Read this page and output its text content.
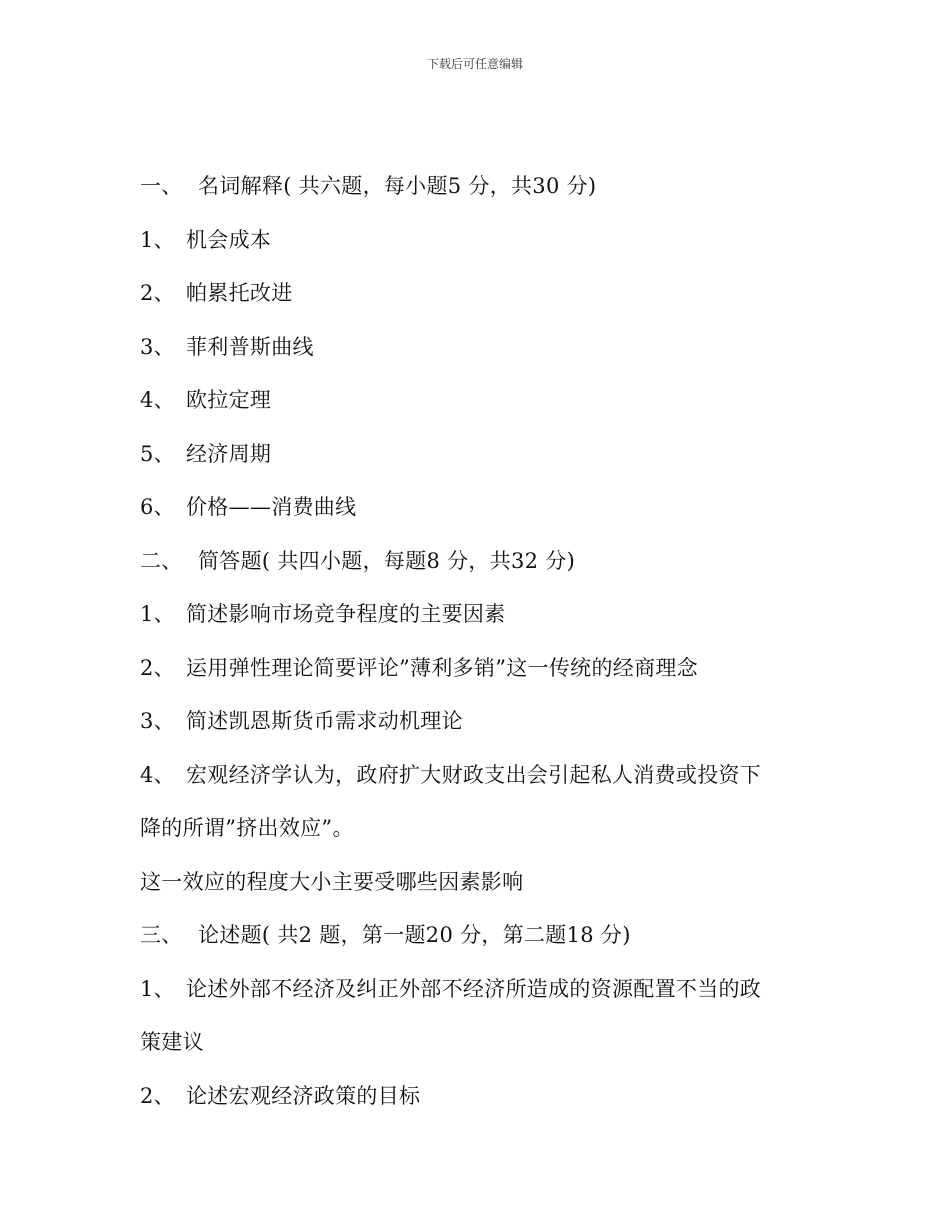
下载后可任意编辑
一、 名词解释( 共六题，每小题5 分，共30 分)
1、 机会成本
2、 帕累托改进
3、 菲利普斯曲线
4、 欧拉定理
5、 经济周期
6、 价格——消费曲线
二、 简答题( 共四小题，每题8 分，共32 分)
1、 简述影响市场竞争程度的主要因素
2、 运用弹性理论简要评论”薄利多销”这一传统的经商理念
3、 简述凯恩斯货币需求动机理论
4、 宏观经济学认为，政府扩大财政支出会引起私人消费或投资下
降的所谓”挤出效应”。
这一效应的程度大小主要受哪些因素影响
三、 论述题( 共2 题，第一题20 分，第二题18 分)
1、 论述外部不经济及纠正外部不经济所造成的资源配置不当的政
策建议
2、 论述宏观经济政策的目标
